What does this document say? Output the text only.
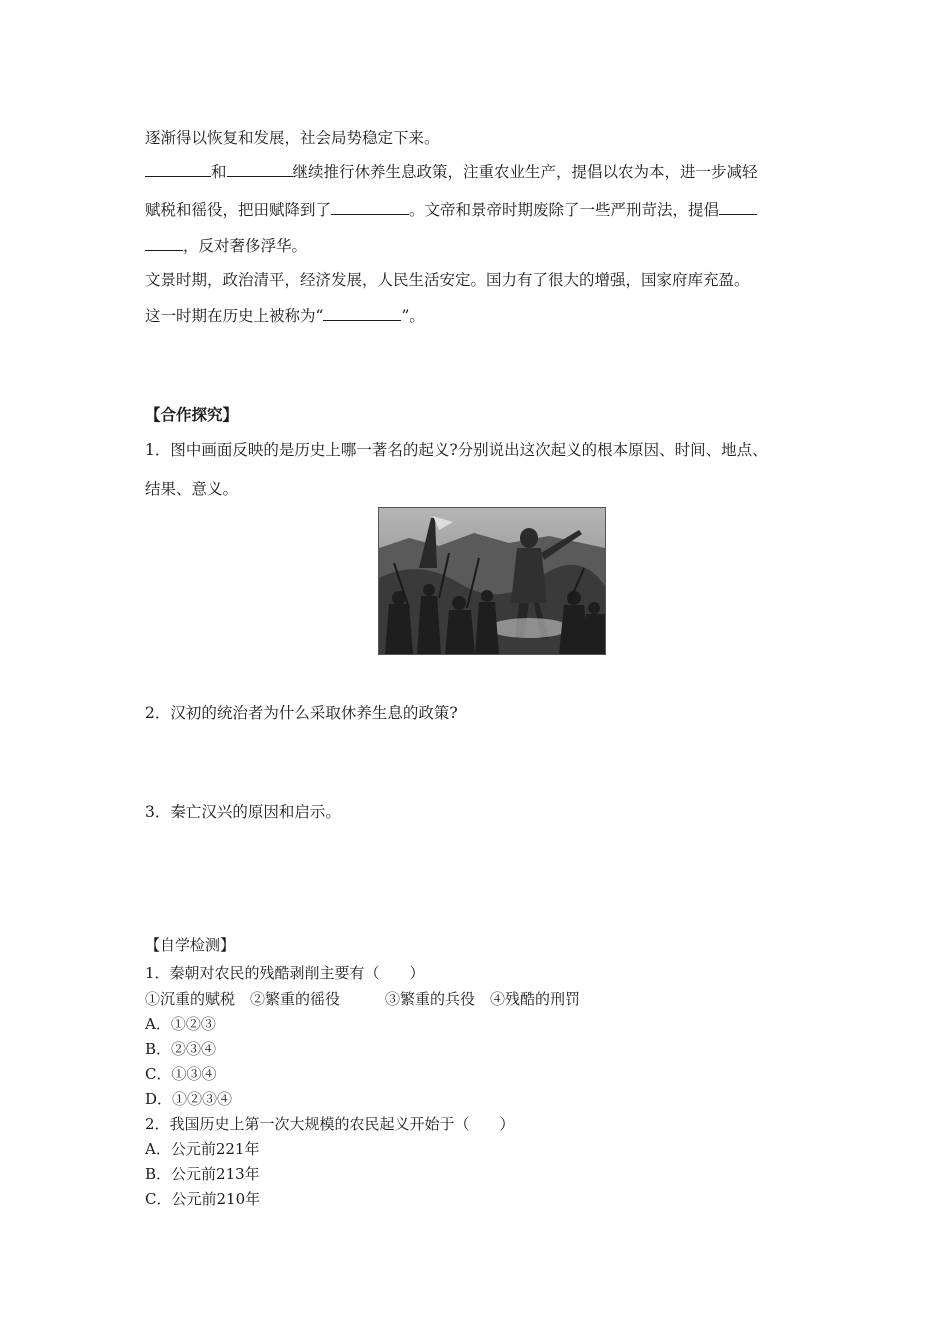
逐渐得以恢复和发展，社会局势稳定下来。
和	继续推行休养生息政策，注重农业生产，提倡以农为本，进一步减轻
赋税和徭役，把田赋降到了	。文帝和景帝时期废除了一些严刑苛法，提倡
，反对奢侈浮华。
文景时期，政治清平，经济发展，人民生活安定。国力有了很大的增强，国家府库充盈。
这一时期在历史上被称为“	”。
【合作探究】
1．图中画面反映的是历史上哪一著名的起义?分别说出这次起义的根本原因、时间、地点、
结果、意义。
2．汉初的统治者为什么采取休养生息的政策?
3．秦亡汉兴的原因和启示。
【自学检测】
1．秦朝对农民的残酷剥削主要有（　　）
①沉重的赋税　②繁重的徭役　　　③繁重的兵役　④残酷的刑罚
A．①②③
B．②③④
C．①③④
D．①②③④
2．我国历史上第一次大规模的农民起义开始于（　　）
A．公元前221年
B．公元前213年
C．公元前210年
